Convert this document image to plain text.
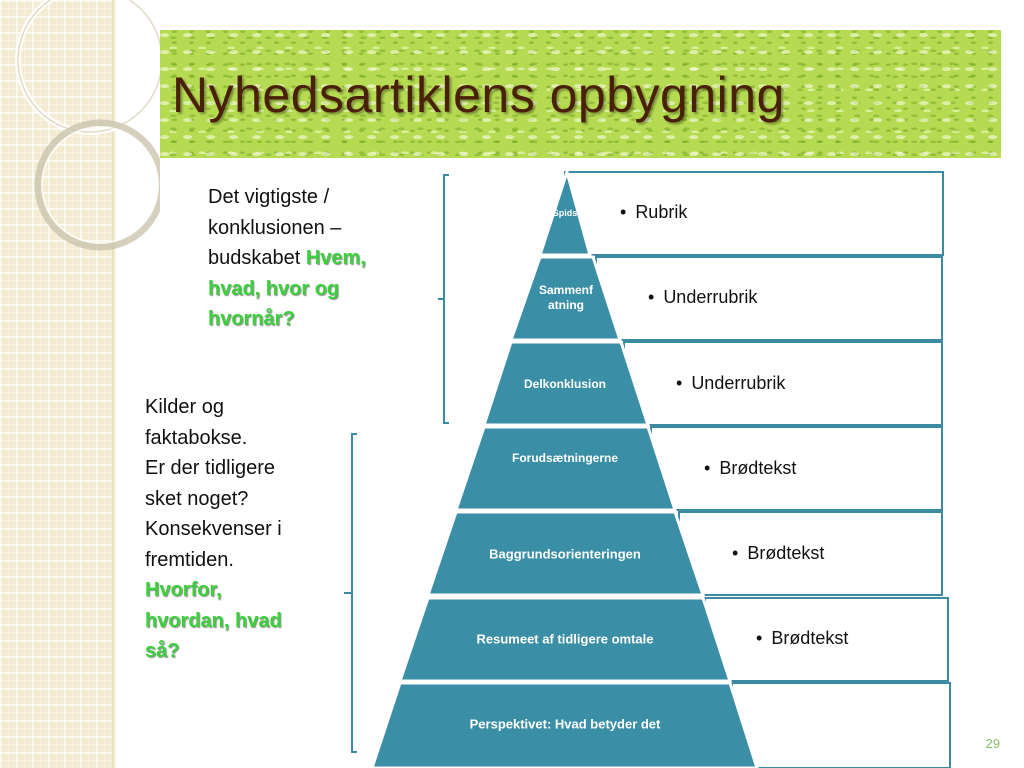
Nyhedsartiklens opbygning
Det vigtigste /
konklusionen –
budskabet Hvem,
hvad, hvor og
hvornår?
Kilder og
faktabokse.
Er der tidligere
sket noget?
Konsekvenser i
fremtiden.
Hvorfor,
hvordan, hvad
så?
Spids
Sammenf
atning
Delkonklusion
Forudsætningerne
Baggrundsorienteringen
Resumeet af tidligere omtale
Perspektivet: Hvad betyder det
• Rubrik
• Underrubrik
• Underrubrik
• Brødtekst
• Brødtekst
• Brødtekst
29
